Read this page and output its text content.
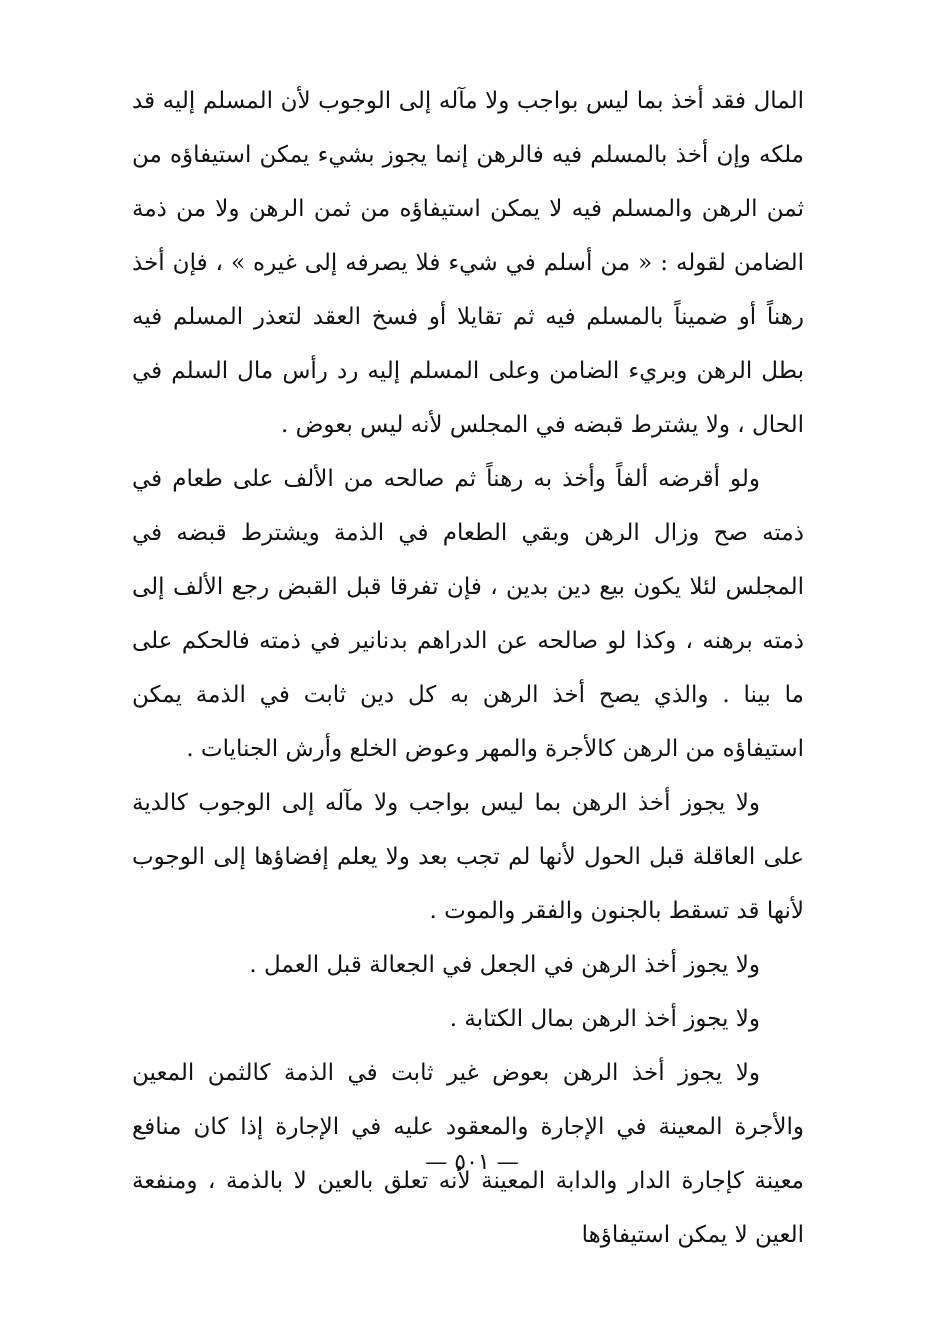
المال فقد أخذ بما ليس بواجب ولا مآله إلى الوجوب لأن المسلم إليه قد ملكه وإن أخذ بالمسلم فيه فالرهن إنما يجوز بشيء يمكن استيفاؤه من ثمن الرهن والمسلم فيه لا يمكن استيفاؤه من ثمن الرهن ولا من ذمة الضامن لقوله : « من أسلم في شيء فلا يصرفه إلى غيره » ، فإن أخذ رهناً أو ضميناً بالمسلم فيه ثم تقايلا أو فسخ العقد لتعذر المسلم فيه بطل الرهن وبريء الضامن وعلى المسلم إليه رد رأس مال السلم في الحال ، ولا يشترط قبضه في المجلس لأنه ليس بعوض .

ولو أقرضه ألفاً وأخذ به رهناً ثم صالحه من الألف على طعام في ذمته صح وزال الرهن وبقي الطعام في الذمة ويشترط قبضه في المجلس لئلا يكون بيع دين بدين ، فإن تفرقا قبل القبض رجع الألف إلى ذمته برهنه ، وكذا لو صالحه عن الدراهم بدنانير في ذمته فالحكم على ما بينا . والذي يصح أخذ الرهن به كل دين ثابت في الذمة يمكن استيفاؤه من الرهن كالأجرة والمهر وعوض الخلع وأرش الجنايات .

ولا يجوز أخذ الرهن بما ليس بواجب ولا مآله إلى الوجوب كالدية على العاقلة قبل الحول لأنها لم تجب بعد ولا يعلم إفضاؤها إلى الوجوب لأنها قد تسقط بالجنون والفقر والموت .

ولا يجوز أخذ الرهن في الجعل في الجعالة قبل العمل .

ولا يجوز أخذ الرهن بمال الكتابة .

ولا يجوز أخذ الرهن بعوض غير ثابت في الذمة كالثمن المعين والأجرة المعينة في الإجارة والمعقود عليه في الإجارة إذا كان منافع معينة كإجارة الدار والدابة المعينة لأنه تعلق بالعين لا بالذمة ، ومنفعة العين لا يمكن استيفاؤها

— ٥٠١ —
